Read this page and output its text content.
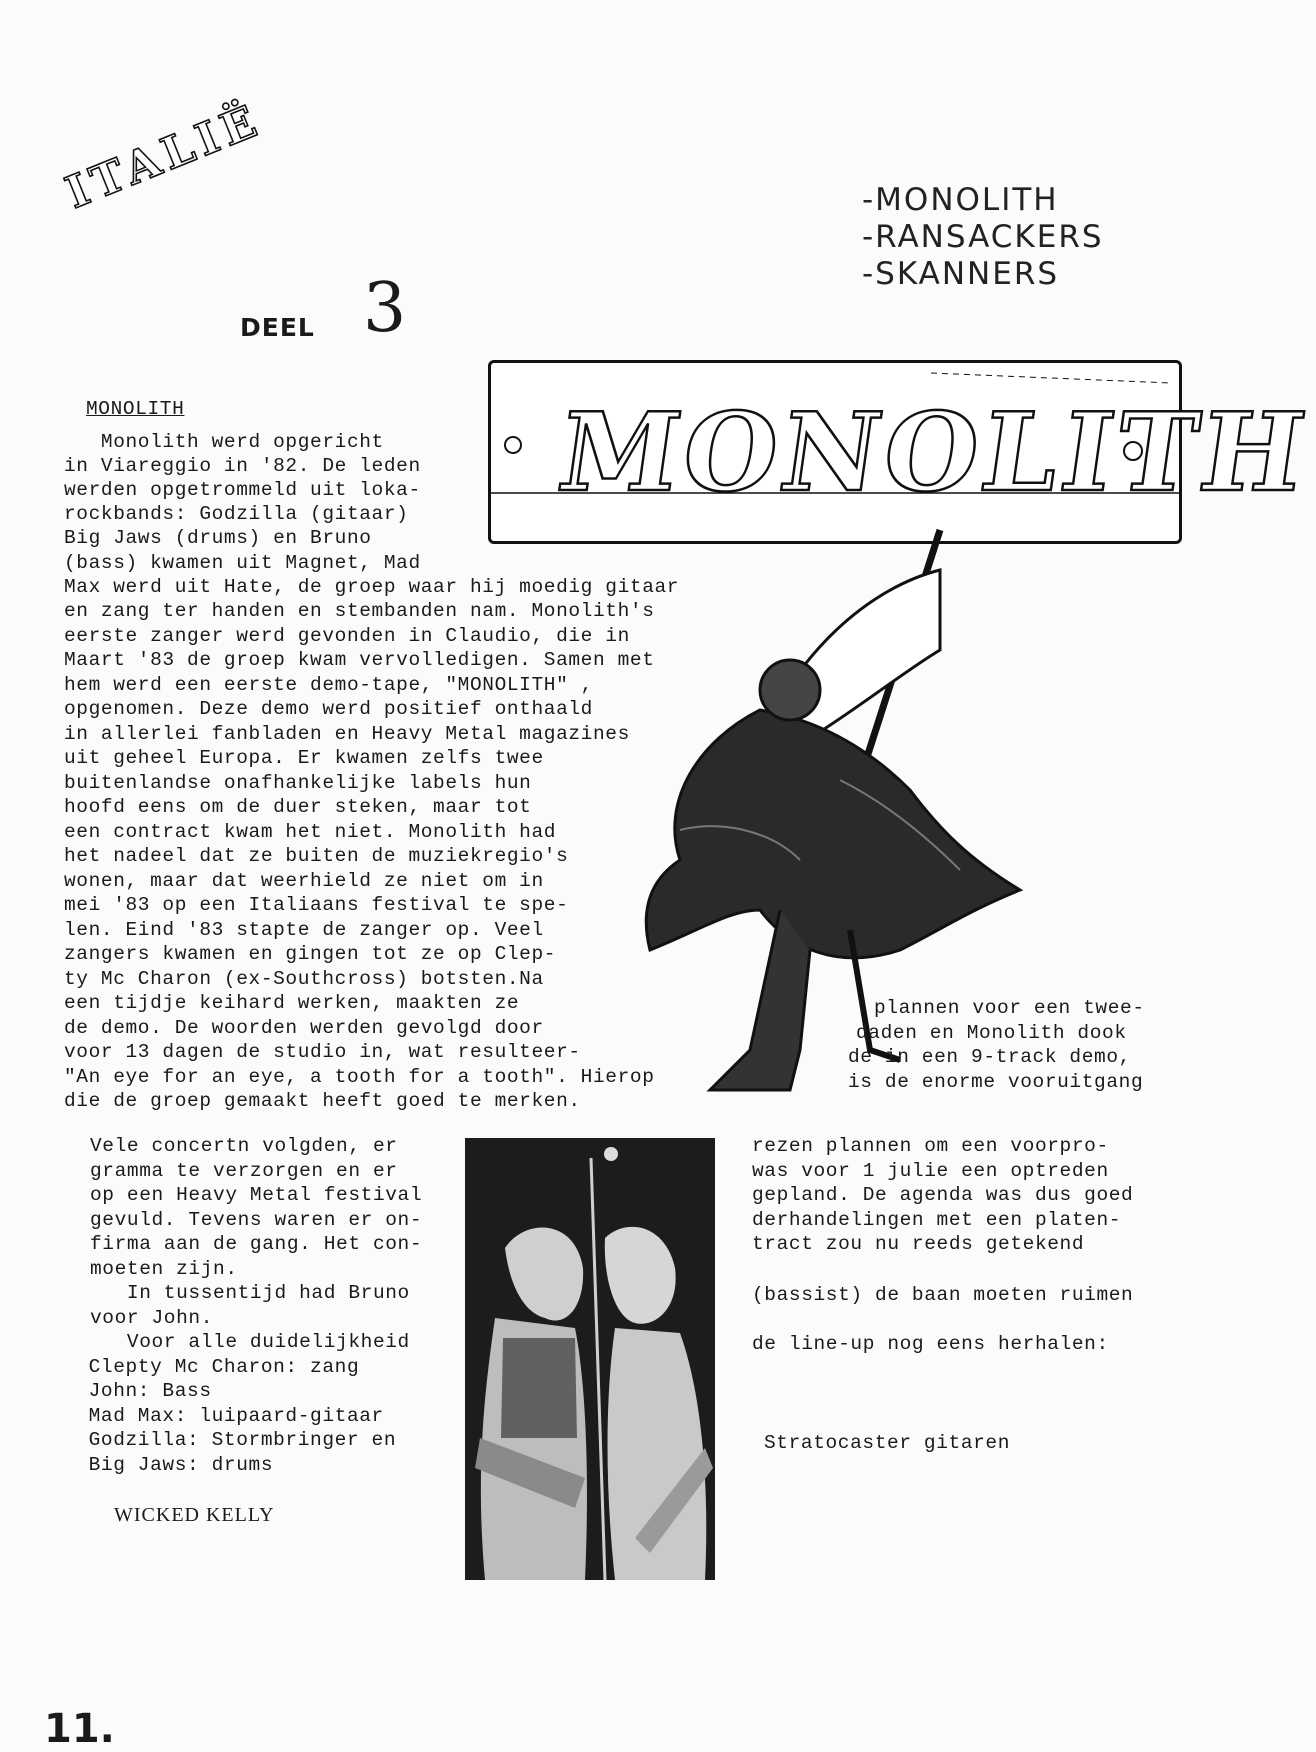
ITALIË
DEEL 3
-MONOLITH
-RANSACKERS
-SKANNERS
MONOLITH
MONOLITH
Monolith werd opgericht
in Viareggio in '82. De leden
werden opgetrommeld uit loka-
rockbands: Godzilla (gitaar)
Big Jaws (drums) en Bruno
(bass) kwamen uit Magnet, Mad
Max werd uit Hate, de groep waar hij moedig gitaar
en zang ter handen en stembanden nam. Monolith's
eerste zanger werd gevonden in Claudio, die in
Maart '83 de groep kwam vervolledigen. Samen met
hem werd een eerste demo-tape, "MONOLITH" ,
opgenomen. Deze demo werd positief onthaald
in allerlei fanbladen en Heavy Metal magazines
uit geheel Europa. Er kwamen zelfs twee
buitenlandse onafhankelijke labels hun
hoofd eens om de duer steken, maar tot
een contract kwam het niet. Monolith had
het nadeel dat ze buiten de muziekregio's
wonen, maar dat weerhield ze niet om in
mei '83 op een Italiaans festival te spe-
len. Eind '83 stapte de zanger op. Veel
zangers kwamen en gingen tot ze op Clep-
ty Mc Charon (ex-Southcross) botsten.Na
een tijdje keihard werken, maakten ze
de demo. De woorden werden gevolgd door
voor 13 dagen de studio in, wat resulteer-
"An eye for an eye, a tooth for a tooth". Hierop
die de groep gemaakt heeft goed te merken.
plannen voor een twee-
daden en Monolith dook
de in een 9-track demo,
is de enorme vooruitgang
Vele concertn volgden, er
gramma te verzorgen en er
op een Heavy Metal festival
gevuld. Tevens waren er on-
firma aan de gang. Het con-
moeten zijn.
In tussentijd had Bruno
voor John.
Voor alle duidelijkheid
Clepty Mc Charon: zang
John: Bass
Mad Max: luipaard-gitaar
Godzilla: Stormbringer en
Big Jaws: drums
WICKED KELLY
rezen plannen om een voorpro-
was voor 1 julie een optreden
gepland. De agenda was dus goed
derhandelingen met een platen-
tract zou nu reeds getekend
(bassist) de baan moeten ruimen
de line-up nog eens herhalen:
Stratocaster gitaren
11.
